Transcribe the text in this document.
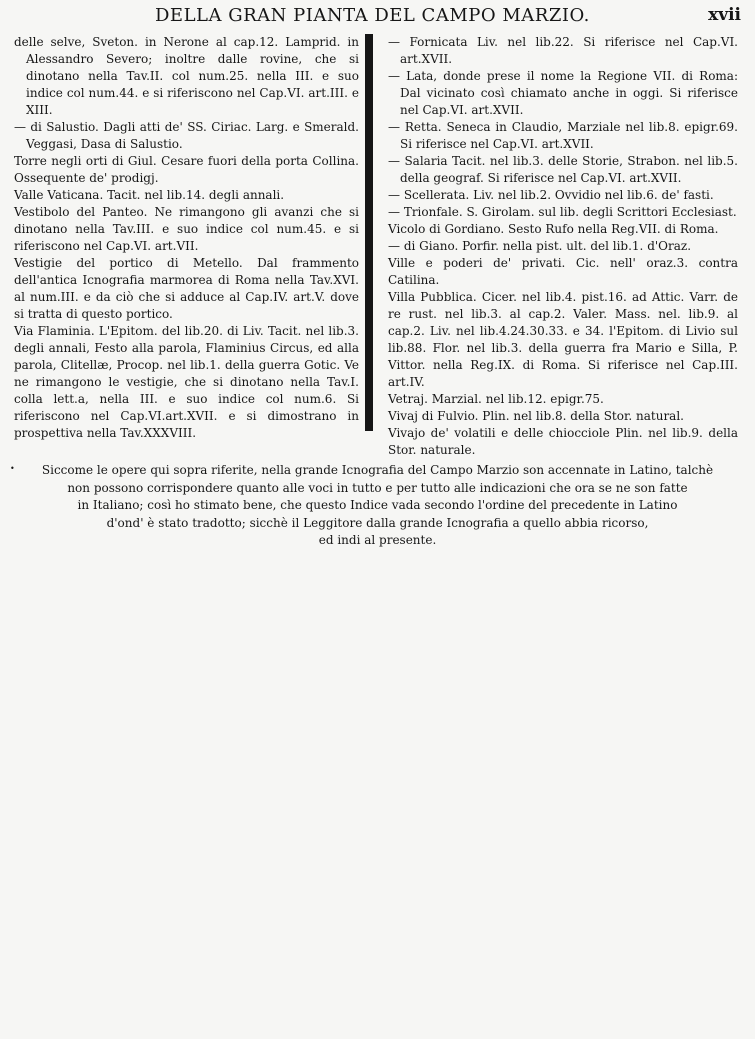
DELLA GRAN PIANTA DEL CAMPO MARZIO.	xvii

delle selve, Sveton. in Nerone al cap.12. Lamprid. in Alessandro Severo; inoltre dalle rovine, che si dinotano nella Tav.II. col num.25. nella III. e suo indice col num.44. e si riferiscono nel Cap.VI. art.III. e XIII.

— di Salustio. Dagli atti de' SS. Ciriac. Larg. e Smerald. Veggasi, Dasa di Salustio.

Torre negli orti di Giul. Cesare fuori della porta Collina. Ossequente de' prodigj.

Valle Vaticana. Tacit. nel lib.14. degli annali.

Vestibolo del Panteo. Ne rimangono gli avanzi che si dinotano nella Tav.III. e suo indice col num.45. e si riferiscono nel Cap.VI. art.VII.

Vestigie del portico di Metello. Dal frammento dell'antica Icnografia marmorea di Roma nella Tav.XVI. al num.III. e da ciò che si adduce al Cap.IV. art.V. dove si tratta di questo portico.

Via Flaminia. L'Epitom. del lib.20. di Liv. Tacit. nel lib.3. degli annali, Festo alla parola, Flaminius Circus, ed alla parola, Clitellæ, Procop. nel lib.1. della guerra Gotic. Ve ne rimangono le vestigie, che si dinotano nella Tav.I. colla lett.a, nella III. e suo indice col num.6. Si riferiscono nel Cap.VI.art.XVII. e si dimostrano in prospettiva nella Tav.XXXVIII.

— Fornicata Liv. nel lib.22. Si riferisce nel Cap.VI. art.XVII.

— Lata, donde prese il nome la Regione VII. di Roma: Dal vicinato così chiamato anche in oggi. Si riferisce nel Cap.VI. art.XVII.

— Retta. Seneca in Claudio, Marziale nel lib.8. epigr.69. Si riferisce nel Cap.VI. art.XVII.

— Salaria Tacit. nel lib.3. delle Storie, Strabon. nel lib.5. della geograf. Si riferisce nel Cap.VI. art.XVII.

— Scellerata. Liv. nel lib.2. Ovvidio nel lib.6. de' fasti.

— Trionfale. S. Girolam. sul lib. degli Scrittori Ecclesiast.

Vicolo di Gordiano. Sesto Rufo nella Reg.VII. di Roma.

— di Giano. Porfir. nella pist. ult. del lib.1. d'Oraz.

Ville e poderi de' privati. Cic. nell' oraz.3. contra Catilina.

Villa Pubblica. Cicer. nel lib.4. pist.16. ad Attic. Varr. de re rust. nel lib.3. al cap.2. Valer. Mass. nel. lib.9. al cap.2. Liv. nel lib.4.24.30.33. e 34. l'Epitom. di Livio sul lib.88. Flor. nel lib.3. della guerra fra Mario e Silla, P. Vittor. nella Reg.IX. di Roma. Si riferisce nel Cap.III. art.IV.

Vetraj. Marzial. nel lib.12. epigr.75.

Vivaj di Fulvio. Plin. nel lib.8. della Stor. natural.

Vivajo de' volatili e delle chiocciole Plin. nel lib.9. della Stor. naturale.

•	Siccome le opere qui sopra riferite, nella grande Icnografia del Campo Marzio son accennate in Latino, talchè
non possono corrispondere quanto alle voci in tutto e per tutto alle indicazioni che ora se ne son fatte
in Italiano; così ho stimato bene, che questo Indice vada secondo l'ordine del precedente in Latino
d'ond' è stato tradotto; sicchè il Leggitore dalla grande Icnografia a quello abbia ricorso,
ed indi al presente.
